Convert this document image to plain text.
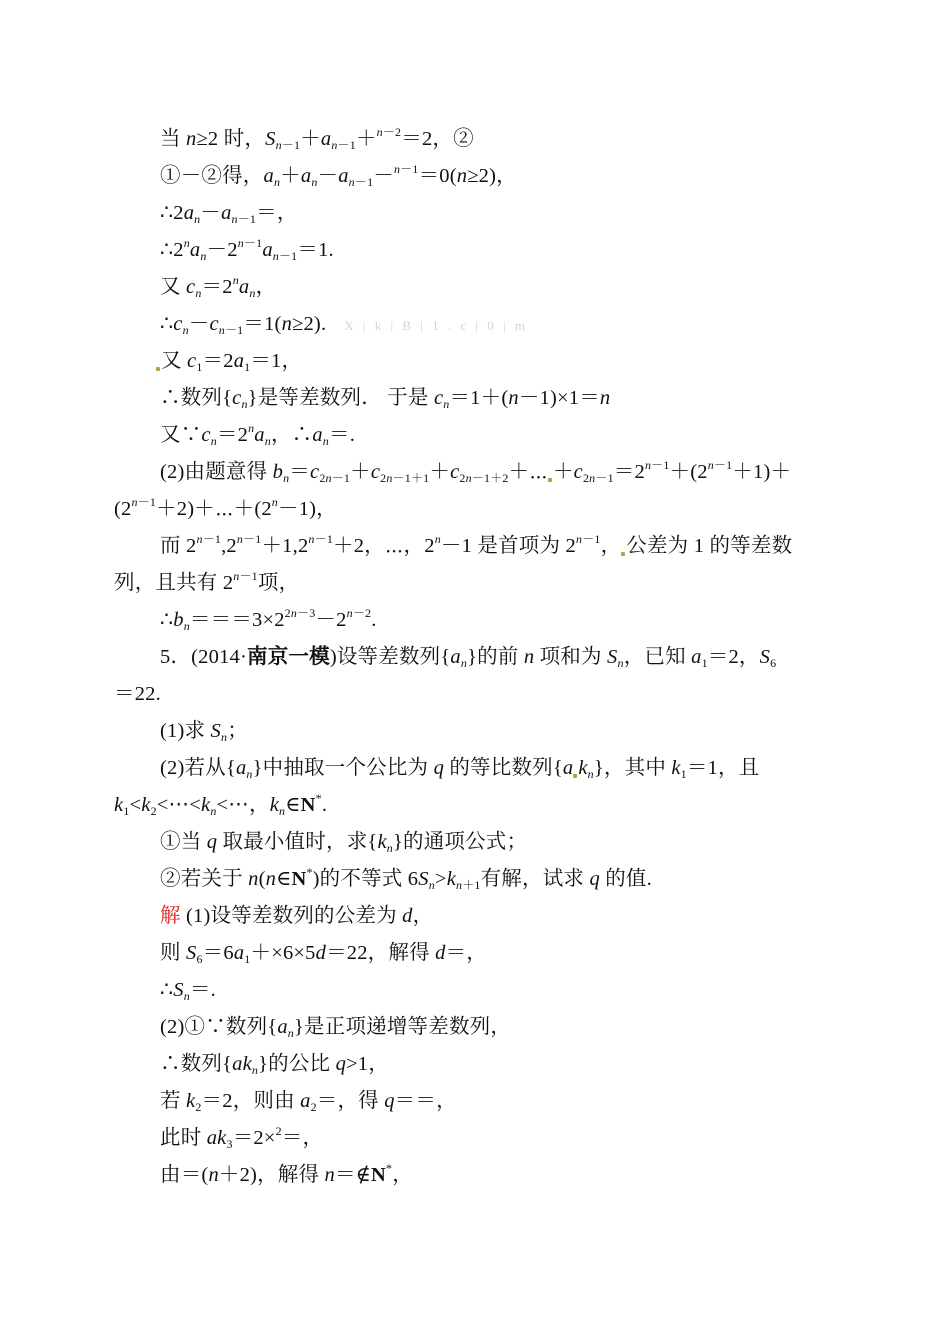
当 n≥2 时，$S_{n-1}+a_{n-1}+^{n-2}=2$，②
①－②得，$a_n+a_n-a_{n-1}-^{n-1}=0(n\ge 2)$，
$\therefore 2a_n-a_{n-1}=$，
$\therefore 2^na_n-2^{n-1}a_{n-1}=1$.
又 $c_n=2^na_n$，
$\therefore c_n-c_{n-1}=1(n\ge 2)$. X | k | B | 1 . c | 0 | m
又 $c_1=2a_1=1$，
∴数列$\{c_n\}$是等差数列． 于是 $c_n=1+(n-1)\times 1=n$
又$\because c_n=2^na_n$，$\therefore a_n=$.
(2)由题意得 $b_n=c_{2n-1}+c_{2n-1+1}+c_{2n-1+2}+\cdots +c_{2n-1}=2^{n-1}+(2^{n-1}+1)+$
$(2^{n-1}+2)+\cdots+(2^n-1)$，
而 $2^{n-1},2^{n-1}+1,2^{n-1}+2$，⋯，$2^n-1$ 是首项为 $2^{n-1}$， 公差为 1 的等差数
列，且共有 $2^{n-1}$项，
$\therefore b_n===3\times 2^{2n-3}-2^{n-2}$.
5．(2014·南京一模)设等差数列$\{a_n\}$的前 n 项和为 $S_n$，已知 $a_1=2$，$S_6$
＝22.
(1)求 $S_n$；
(2)若从$\{a_n\}$中抽取一个公比为 q 的等比数列{a $k_n$}，其中 $k_1=1$，且
$k_1<k_2<\cdots<k_n<\cdots$，$k_n\in N^*$.
①当 q 取最小值时，求$\{k_n\}$的通项公式；
②若关于 n(n∈N*)的不等式 $6S_n>k_{n+1}$有解，试求 q 的值.
解 (1)设等差数列的公差为 d，
则 $S_6=6a_1+\times 6\times 5d=22$，解得 d＝，
$\therefore S_n=$.
(2)①∵数列$\{a_n\}$是正项递增等差数列，
∴数列$\{ak_n\}$的公比 q>1，
若 $k_2=2$，则由 $a_2=$，得 q＝＝，
此时 $ak_3=2\times^2=$，
由＝(n＋2)，解得 n＝∉N*，
